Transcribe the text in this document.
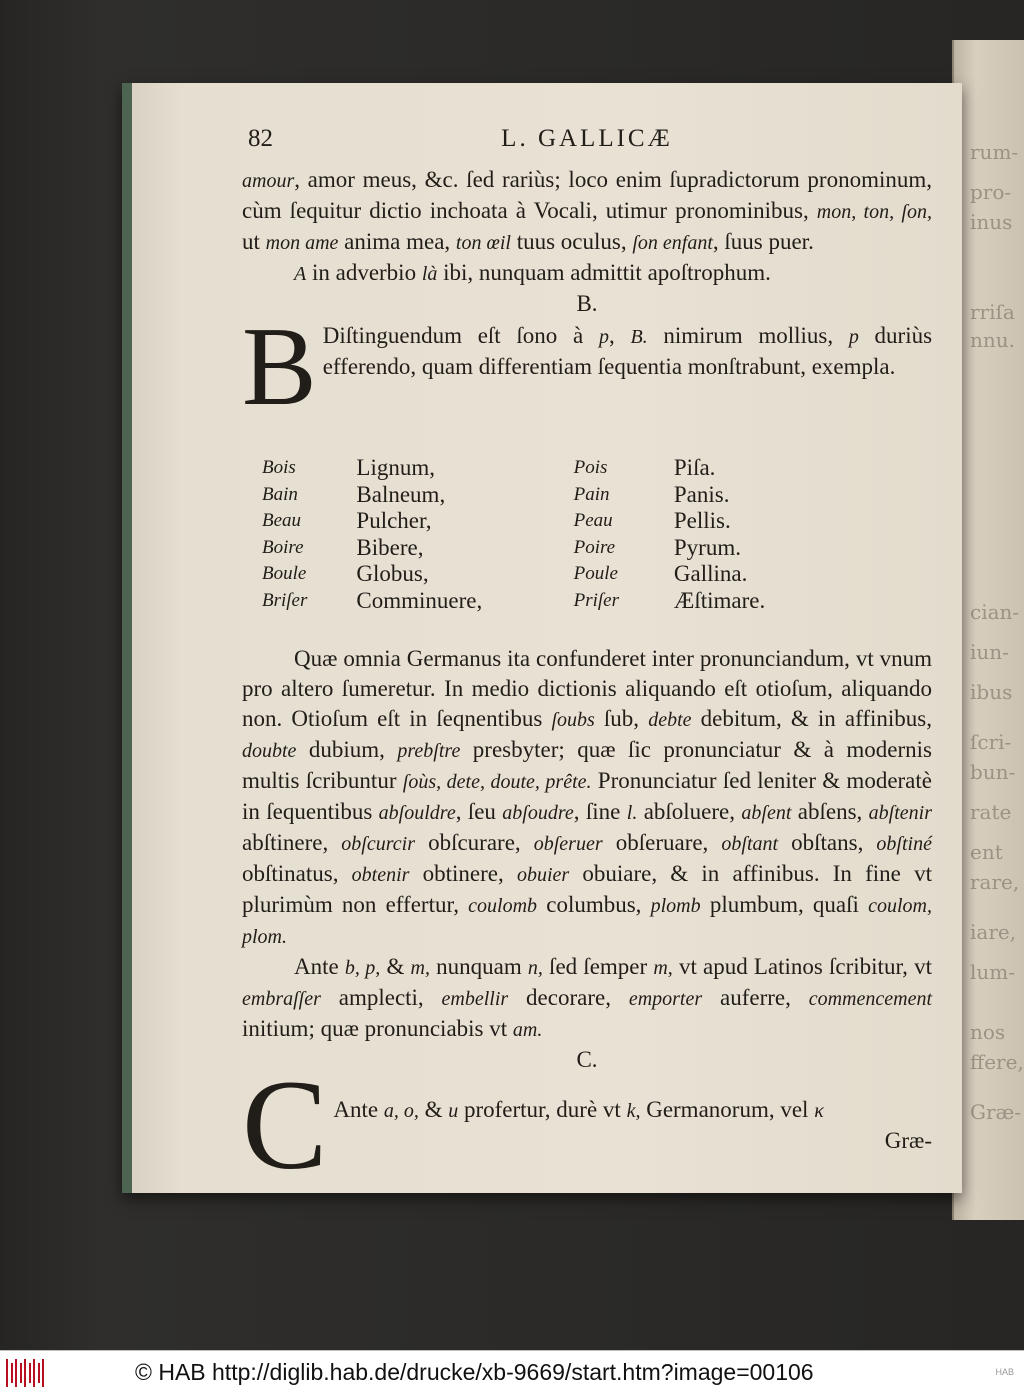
rum-
pro-
inus
rriſa
nnu.
cian-
iun-
ibus
ſcri-
bun-
rate
ent
rare,
iare,
lum-
nos
ffere,
Græ-
82	L. GALLICÆ

amour, amor meus, &c. ſed rariùs; loco enim ſupradictorum pronominum, cùm ſequitur dictio inchoata à Vocali, utimur pronominibus, mon, ton, ſon, ut mon ame anima mea, ton œil tuus oculus, ſon enfant, ſuus puer.

A in adverbio là ibi, nunquam admittit apoſtrophum.

B.

B Diſtinguendum eſt ſono à p, B. nimirum mollius, p duriùs efferendo, quam differentiam ſequentia monſtrabunt, exempla.

Bois	Lignum,	Pois	Piſa.
Bain	Balneum,	Pain	Panis.
Beau	Pulcher,	Peau	Pellis.
Boire	Bibere,	Poire	Pyrum.
Boule	Globus,	Poule	Gallina.
Briſer	Comminuere,	Priſer	Æſtimare.

Quæ omnia Germanus ita confunderet inter pronunciandum, vt vnum pro altero ſumeretur. In medio dictionis aliquando eſt otioſum, aliquando non. Otioſum eſt in ſeqnentibus ſoubs ſub, debte debitum, & in affinibus, doubte dubium, prebſtre presbyter; quæ ſic pronunciatur & à modernis multis ſcribuntur ſoùs, dete, doute, prête. Pronunciatur ſed leniter & moderatè in ſequentibus abſouldre, ſeu abſoudre, ſine l. abſoluere, abſent abſens, abſtenir abſtinere, obſcurcir obſcurare, obſeruer obſeruare, obſtant obſtans, obſtiné obſtinatus, obtenir obtinere, obuier obuiare, & in affinibus. In fine vt plurimùm non effertur, coulomb columbus, plomb plumbum, quaſi coulom, plom.

Ante b, p, & m, nunquam n, ſed ſemper m, vt apud Latinos ſcribitur, vt embraſſer amplecti, embellir decorare, emporter auferre, commencement initium; quæ pronunciabis vt am.

C.

C Ante a, o, & u profertur, durè vt k, Germanorum, vel κ

Græ-

© HAB http://diglib.hab.de/drucke/xb-9669/start.htm?image=00106	HAB
